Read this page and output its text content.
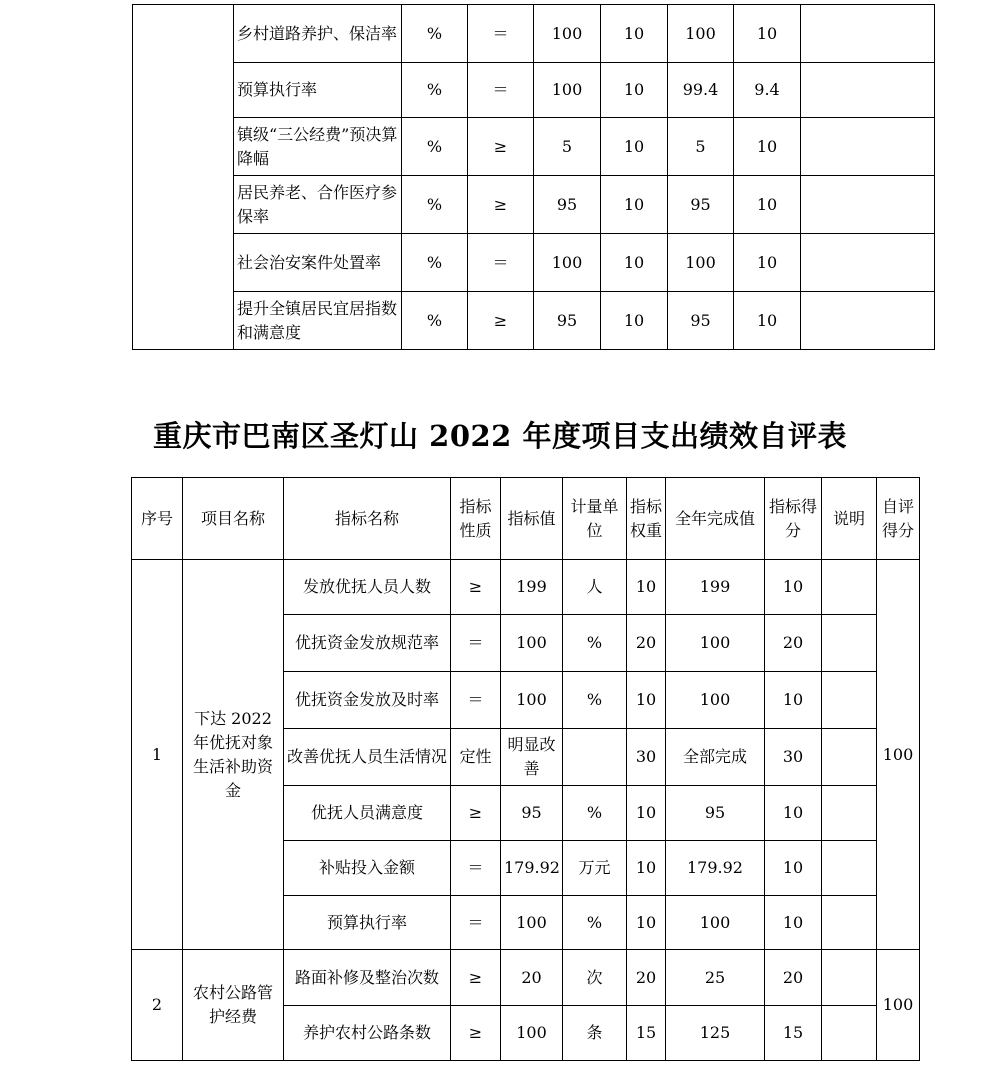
	乡村道路养护、保洁率	%	＝	100	10	100	10	
	预算执行率	%	＝	100	10	99.4	9.4	
	镇级“三公经费”预决算降幅	%	≥	5	10	5	10	
	居民养老、合作医疗参保率	%	≥	95	10	95	10	
	社会治安案件处置率	%	＝	100	10	100	10	
	提升全镇居民宜居指数和满意度	%	≥	95	10	95	10	
重庆市巴南区圣灯山 2022 年度项目支出绩效自评表
序号	项目名称	指标名称	指标性质	指标值	计量单位	指标权重	全年完成值	指标得分	说明	自评得分
1	下达 2022 年优抚对象生活补助资金	发放优抚人员人数	≥	199	人	10	199	10		100
		优抚资金发放规范率	＝	100	%	20	100	20		
		优抚资金发放及时率	＝	100	%	10	100	10		
		改善优抚人员生活情况	定性	明显改善		30	全部完成	30		
		优抚人员满意度	≥	95	%	10	95	10		
		补贴投入金额	＝	179.92	万元	10	179.92	10		
		预算执行率	＝	100	%	10	100	10		
2	农村公路管护经费	路面补修及整治次数	≥	20	次	20	25	20		100
		养护农村公路条数	≥	100	条	15	125	15		
